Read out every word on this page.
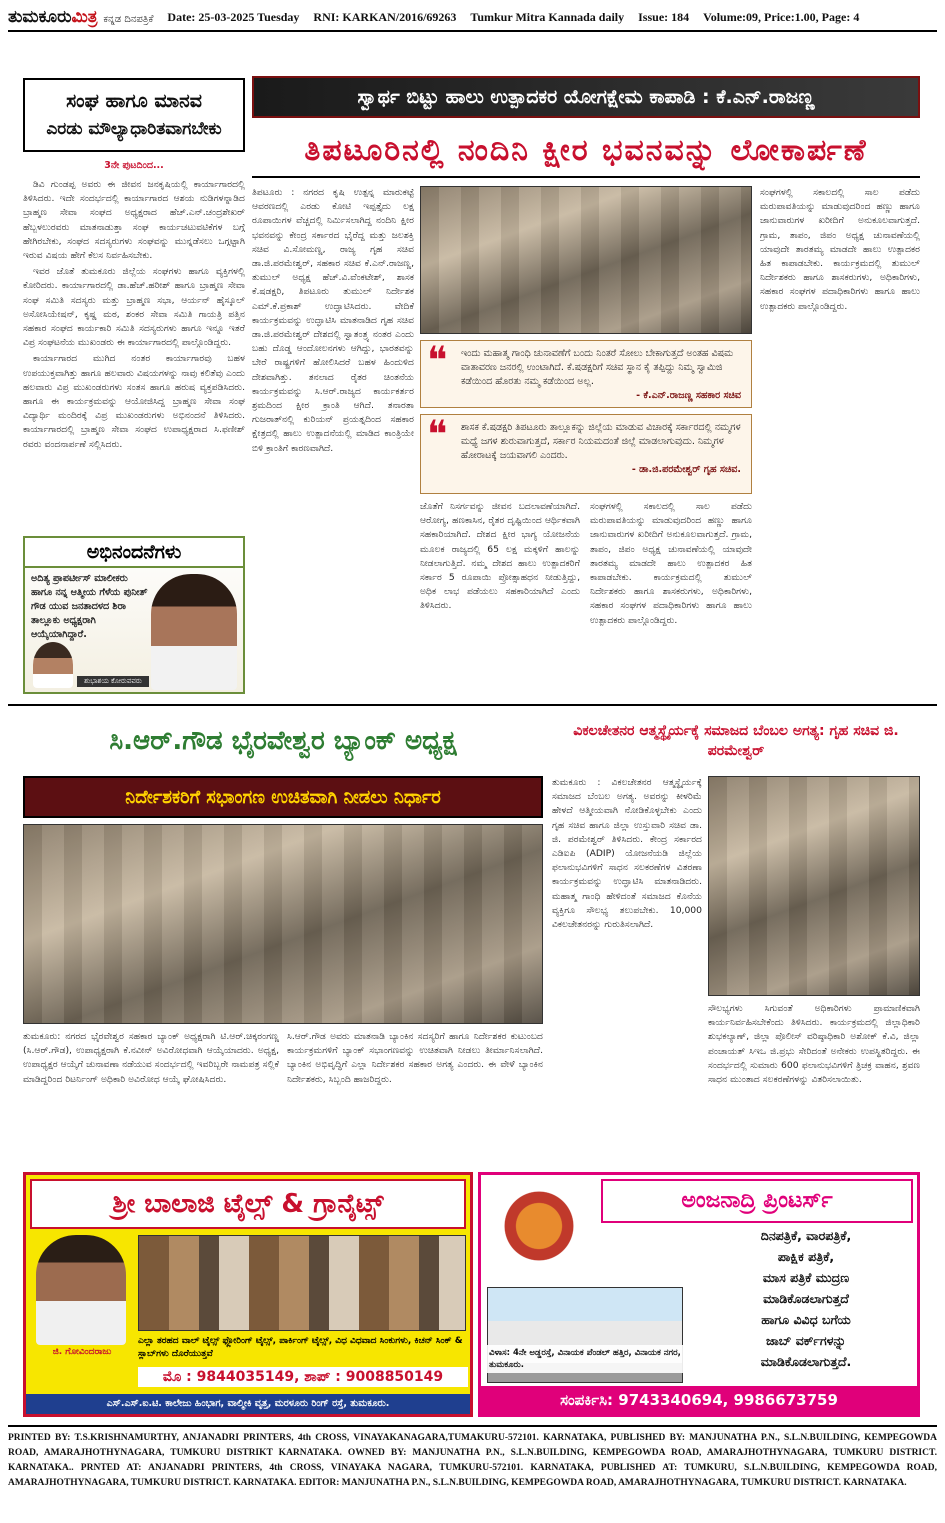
ತುಮಕೂರುಮಿತ್ರ ಕನ್ನಡ ದಿನಪತ್ರಿಕೆ Date: 25-03-2025 Tuesday RNI: KARKAN/2016/69263 Tumkur Mitra Kannada daily Issue: 184 Volume:09, Price:1.00, Page: 4
ಸಂಘ ಹಾಗೂ ಮಾನವ
ಎರಡು ಮೌಲ್ಯಾಧಾರಿತವಾಗಬೇಕು
3ನೇ ಪುಟದಿಂದ...

ಡಿವಿ ಗುಂಡಪ್ಪ ಅವರು ಈ ಜೀವನ ಜನಕೃಷಿಯಲ್ಲಿ ಕಾರ್ಯಾಗಾರದಲ್ಲಿ ತಿಳಿಸಿದರು. ಇದೇ ಸಂದರ್ಭದಲ್ಲಿ ಕಾರ್ಯಾಗಾರದ ಆಶಯ ನುಡಿಗಳನ್ನಾಡಿದ ಬ್ರಾಹ್ಮಣ ಸೇವಾ ಸಂಘದ ಅಧ್ಯಕ್ಷರಾದ ಹೆಚ್.ಎನ್.ಚಂದ್ರಶೇಖರ್ ಹೆಬ್ಬಳಲುರವರು ಮಾತನಾಡುತ್ತಾ ಸಂಘ ಕಾರ್ಯಚಟುವಟಿಕೆಗಳ ಬಗ್ಗೆ ಹೇಗಿರಬೇಕು, ಸಂಘದ ಸದಸ್ಯರುಗಳು ಸಂಘವನ್ನು ಮುನ್ನಡೆಸಲು ಒಗ್ಗಟ್ಟಾಗಿ ಇರುವ ವಿಷಯ ಹೇಗೆ ಕೆಲಸ ನಿರ್ವಹಿಸಬೇಕು.

ಇವರ ಜೊತೆ ತುಮಕೂರು ಜಿಲ್ಲೆಯ ಸಂಘಗಳು ಹಾಗೂ ವ್ಯಕ್ತಿಗಳಲ್ಲಿ ಕೋರಿದರು. ಕಾರ್ಯಾಗಾರದಲ್ಲಿ ಡಾ.ಹೆಚ್.ಹರೀಶ್ ಹಾಗೂ ಬ್ರಾಹ್ಮಣ ಸೇವಾ ಸಂಘ ಸಮಿತಿ ಸದಸ್ಯರು ಮತ್ತು ಬ್ರಾಹ್ಮಣ ಸಭಾ, ಆರ್ಯನ್ ಹೈಸ್ಕೂಲ್ ಅಸೋಸಿಯೇಷನ್, ಕೃಷ್ಣ ಮಠ, ಶಂಕರ ಸೇವಾ ಸಮಿತಿ ಗಾಯತ್ರಿ ಪತ್ತಿನ ಸಹಕಾರ ಸಂಘದ ಕಾರ್ಯಕಾರಿ ಸಮಿತಿ ಸದಸ್ಯರುಗಳು ಹಾಗೂ ಇನ್ನೂ ಇತರೆ ವಿಪ್ರ ಸಂಘಟನೆಯ ಮುಖಂಡರು ಈ ಕಾರ್ಯಾಗಾರದಲ್ಲಿ ಪಾಲ್ಗೊಂಡಿದ್ದರು.

ಕಾರ್ಯಾಗಾರದ ಮುಗಿದ ನಂತರ ಕಾರ್ಯಾಗಾರವು ಬಹಳ ಉಪಯುಕ್ತವಾಗಿತ್ತು ಹಾಗೂ ಹಲವಾರು ವಿಷಯಗಳನ್ನು ನಾವು ಕಲಿತೆವು ಎಂದು ಹಲವಾರು ವಿಪ್ರ ಮುಖಂಡರುಗಳು ಸಂತಸ ಹಾಗೂ ಹರುಷ ವ್ಯಕ್ತಪಡಿಸಿದರು. ಹಾಗೂ ಈ ಕಾರ್ಯಕ್ರಮವನ್ನು ಆಯೋಜಿಸಿದ್ದ ಬ್ರಾಹ್ಮಣ ಸೇವಾ ಸಂಘ ವಿದ್ಯಾರ್ಥಿ ಮಂದಿರಕ್ಕೆ ವಿಪ್ರ ಮುಖಂಡರುಗಳು ಅಭಿನಂದನೆ ತಿಳಿಸಿದರು. ಕಾರ್ಯಾಗಾರದಲ್ಲಿ ಬ್ರಾಹ್ಮಣ ಸೇವಾ ಸಂಘದ ಉಪಾಧ್ಯಕ್ಷರಾದ ಸಿ.ಫಣೀಶ್ ರವರು ವಂದನಾರ್ಪಣೆ ಸಲ್ಲಿಸಿದರು.

ಅಭಿನಂದನೆಗಳು
ಅದಿತ್ಯ ಪ್ರಾಪರ್ಟೀಸ್ ಮಾಲೀಕರು ಹಾಗೂ ನನ್ನ ಆತ್ಮೀಯ ಗೆಳೆಯ ಪುನೀತ್ ಗೌಡ ಯುವ ಜನತಾದಳದ ಶಿರಾ ತಾಲ್ಲೂಕು ಅಧ್ಯಕ್ಷರಾಗಿ ಆಯ್ಕೆಯಾಗಿದ್ದಾರೆ.
ಶುಭಾಶಯ ಕೋರುವವರು
ಸ್ವಾರ್ಥ ಬಿಟ್ಟು ಹಾಲು ಉತ್ಪಾದಕರ ಯೋಗಕ್ಷೇಮ ಕಾಪಾಡಿ : ಕೆ.ಎನ್.ರಾಜಣ್ಣ
ತಿಪಟೂರಿನಲ್ಲಿ ನಂದಿನಿ ಕ್ಷೀರ ಭವನವನ್ನು ಲೋಕಾರ್ಪಣೆ
ತಿಪಟೂರು : ನಗರದ ಕೃಷಿ ಉತ್ಪನ್ನ ಮಾರುಕಟ್ಟೆ ಆವರಣದಲ್ಲಿ ಎರಡು ಕೋಟಿ ಇಪ್ಪತ್ತೈದು ಲಕ್ಷ ರೂಪಾಯಿಗಳ ವೆಚ್ಚದಲ್ಲಿ ನಿರ್ಮಿಸಲಾಗಿದ್ದ ನಂದಿನಿ ಕ್ಷೀರ ಭವನವನ್ನು ಕೇಂದ್ರ ಸರ್ಕಾರದ ಭೈರೆದ್ದ ಮತ್ತು ಜಲಶಕ್ತಿ ಸಚಿವ ವಿ.ಸೋಮಣ್ಣ, ರಾಜ್ಯ ಗೃಹ ಸಚಿವ ಡಾ.ಜಿ.ಪರಮೇಶ್ವರ್, ಸಹಕಾರ ಸಚಿವ ಕೆ.ಎನ್.ರಾಜಣ್ಣ, ತುಮುಲ್ ಅಧ್ಯಕ್ಷ ಹೆಚ್.ವಿ.ವೆಂಕಟೇಶ್, ಶಾಸಕ ಕೆ.ಷಡಕ್ಷರಿ, ತಿಪಟೂರು ತುಮುಲ್ ನಿರ್ದೇಶಕ ಎಮ್.ಕೆ.ಪ್ರಕಾಶ್ ಉದ್ಘಾಟಿಸಿದರು. ವೇದಿಕೆ ಕಾರ್ಯಕ್ರಮವನ್ನು ಉದ್ಘಾಟಿಸಿ ಮಾತನಾಡಿದ ಗೃಹ ಸಚಿವ ಡಾ.ಜಿ.ಪರಮೇಶ್ವರ್ ದೇಶದಲ್ಲಿ ಸ್ವಾತಂತ್ರ್ಯ ನಂತರ ಎಂದು ಬಹು ದೊಡ್ಡ ಆಂದೋಲನಗಳು ಆಗಿದ್ದು, ಭಾರತವನ್ನು ಬೇರೆ ರಾಷ್ಟ್ರಗಳಿಗೆ ಹೋಲಿಸಿದರೆ ಬಹಳ ಹಿಂದುಳಿದ ದೇಶವಾಗಿತ್ತು. ತನಲಾದ ರೈತರ ಚಿಂತನೆಯ ಕಾರ್ಯಕ್ರಮವನ್ನು ಸಿ.ಆರ್.ರಾಜ್ಯದ ಕಾರ್ಯಕರ್ತರ ಶ್ರಮದಿಂದ ಕ್ಷೀರ ಕ್ರಾಂತಿ ಆಗಿದೆ. ತನಾರತಾ ಗುಜರಾತ್‌ನಲ್ಲಿ ಕುರಿಯನ್ ಪ್ರಯತ್ನದಿಂದ ಸಹಕಾರ ಕ್ಷೇತ್ರದಲ್ಲಿ ಹಾಲು ಉತ್ಪಾದನೆಯಲ್ಲಿ ಮಾಡಿದ ಕಾಂತ್ರಿಯೇ ಬಿಳಿ ಕ್ರಾಂತಿಗೆ ಕಾರಣವಾಗಿದೆ.
❝ ಇಂದು ಮಹಾತ್ಮ ಗಾಂಧಿ ಚುನಾವಣೆಗೆ ಬಂದು ನಿಂತರೆ ಸೋಲು ಬೇಕಾಗುತ್ತದೆ ಅಂತಹ ವಿಷಮ ವಾತಾವರಣ ಜನರಲ್ಲಿ ಉಂಟಾಗಿದೆ. ಕೆ.ಷಡಕ್ಷರಿಗೆ ಸಚಿವ ಸ್ಥಾನ ಕೈ ತಪ್ಪಿದ್ದು ನಿಮ್ಮ ಸ್ವಾಮಿಜಿ ಕಡೆಯಿಂದ ಹೊರತು ನಮ್ಮ ಕಡೆಯಿಂದ ಅಲ್ಲ.
- ಕೆ.ಎನ್.ರಾಜಣ್ಣ ಸಹಕಾರ ಸಚಿವ
❝ ಶಾಸಕ ಕೆ.ಷಡಕ್ಷರಿ ತಿಪಟೂರು ತಾಲ್ಲೂಕನ್ನು ಜಿಲ್ಲೆಯ ಮಾಡುವ ವಿಚಾರಕ್ಕೆ ಸರ್ಕಾರದಲ್ಲಿ ನಮ್ಮಗಳ ಮಧ್ಯೆ ಜಗಳ ಶುರುವಾಗುತ್ತದೆ, ಸರ್ಕಾರ ನಿಯಮದಂತೆ ಜಿಲ್ಲೆ ಮಾಡಲಾಗುವುದು. ನಿಮ್ಮಗಳ ಹೋರಾಟಕ್ಕೆ ಜಯವಾಗಲಿ ಎಂದರು.
- ಡಾ.ಜಿ.ಪರಮೇಶ್ವರ್ ಗೃಹ ಸಚಿವ.
ಜೊತೆಗೆ ನಿಸರ್ಗವನ್ನು ಜೀವನ ಬದಲಾವಣೆಯಾಗಿದೆ. ಆರೋಗ್ಯ, ಹಣಕಾಸಿನ, ರೈತರ ದೃಷ್ಟಿಯಿಂದ ಆರ್ಥಿಕವಾಗಿ ಸಹಕಾರಿಯಾಗಿದೆ. ದೇಶದ ಕ್ಷೀರ ಭಾಗ್ಯ ಯೋಜನೆಯ ಮೂಲಕ ರಾಜ್ಯದಲ್ಲಿ 65 ಲಕ್ಷ ಮಕ್ಕಳಿಗೆ ಹಾಲನ್ನು ನೀಡಲಾಗುತ್ತಿದೆ. ನಮ್ಮ ದೇಶದ ಹಾಲು ಉತ್ಪಾದಕರಿಗೆ ಸರ್ಕಾರ 5 ರೂಪಾಯಿ ಪ್ರೋತ್ಸಾಹಧನ ನೀಡುತ್ತಿದ್ದು, ಅಧಿಕ ಲಾಭ ಪಡೆಯಲು ಸಹಕಾರಿಯಾಗಿದೆ ಎಂದು ತಿಳಿಸಿದರು.
ಸಂಘಗಳಲ್ಲಿ ಸಕಾಲದಲ್ಲಿ ಸಾಲ ಪಡೆದು ಮರುಪಾವತಿಯನ್ನು ಮಾಡುವುದರಿಂದ ಹಣ್ಣು ಹಾಗೂ ಜಾನುವಾರುಗಳ ಖರೀದಿಗೆ ಅನುಕೂಲವಾಗುತ್ತದೆ. ಗ್ರಾಮ, ತಾಪಂ, ಜಿಪಂ ಅಧ್ಯಕ್ಷ ಚುನಾವಣೆಯಲ್ಲಿ ಯಾವುದೇ ತಾರತಮ್ಯ ಮಾಡದೇ ಹಾಲು ಉತ್ಪಾದಕರ ಹಿತ ಕಾಪಾಡಬೇಕು. ಕಾರ್ಯಕ್ರಮದಲ್ಲಿ ತುಮುಲ್ ನಿರ್ದೇಶಕರು ಹಾಗೂ ಶಾಸಕರುಗಳು, ಅಧಿಕಾರಿಗಳು, ಸಹಕಾರ ಸಂಘಗಳ ಪದಾಧಿಕಾರಿಗಳು ಹಾಗೂ ಹಾಲು ಉತ್ಪಾದಕರು ಪಾಲ್ಗೊಂಡಿದ್ದರು.
ಸಂಘಗಳಲ್ಲಿ ಸಕಾಲದಲ್ಲಿ ಸಾಲ ಪಡೆದು ಮರುಪಾವತಿಯನ್ನು ಮಾಡುವುದರಿಂದ ಹಣ್ಣು ಹಾಗೂ ಜಾನುವಾರುಗಳ ಖರೀದಿಗೆ ಅನುಕೂಲವಾಗುತ್ತದೆ. ಗ್ರಾಮ, ತಾಪಂ, ಜಿಪಂ ಅಧ್ಯಕ್ಷ ಚುನಾವಣೆಯಲ್ಲಿ ಯಾವುದೇ ತಾರತಮ್ಯ ಮಾಡದೇ ಹಾಲು ಉತ್ಪಾದಕರ ಹಿತ ಕಾಪಾಡಬೇಕು. ಕಾರ್ಯಕ್ರಮದಲ್ಲಿ ತುಮುಲ್ ನಿರ್ದೇಶಕರು ಹಾಗೂ ಶಾಸಕರುಗಳು, ಅಧಿಕಾರಿಗಳು, ಸಹಕಾರ ಸಂಘಗಳ ಪದಾಧಿಕಾರಿಗಳು ಹಾಗೂ ಹಾಲು ಉತ್ಪಾದಕರು ಪಾಲ್ಗೊಂಡಿದ್ದರು.
ಸಿ.ಆರ್.ಗೌಡ ಭೈರವೇಶ್ವರ ಬ್ಯಾಂಕ್ ಅಧ್ಯಕ್ಷ
ನಿರ್ದೇಶಕರಿಗೆ ಸಭಾಂಗಣ ಉಚಿತವಾಗಿ ನೀಡಲು ನಿರ್ಧಾರ
ತುಮಕೂರು: ನಗರದ ಭೈರವೇಶ್ವರ ಸಹಕಾರ ಬ್ಯಾಂಕ್ ಅಧ್ಯಕ್ಷರಾಗಿ ಟಿ.ಆರ್.ಚಿಕ್ಕರಂಗಣ್ಣ (ಸಿ.ಆರ್.ಗೌಡ), ಉಪಾಧ್ಯಕ್ಷರಾಗಿ ಕೆ.ನವೀನ್ ಅವಿರೋಧವಾಗಿ ಆಯ್ಕೆಯಾದರು. ಅಧ್ಯಕ್ಷ, ಉಪಾಧ್ಯಕ್ಷರ ಆಯ್ಕೆಗೆ ಚುನಾವಣಾ ನಡೆಯುವ ಸಂದರ್ಭದಲ್ಲಿ ಇವರಿಬ್ಬರೇ ನಾಮಪತ್ರ ಸಲ್ಲಿಕೆ ಮಾಡಿದ್ದರಿಂದ ರಿಟರ್ನಿಂಗ್ ಅಧಿಕಾರಿ ಅವಿರೋಧ ಆಯ್ಕೆ ಘೋಷಿಸಿದರು.
ಸಿ.ಆರ್.ಗೌಡ ಅವರು ಮಾತನಾಡಿ ಬ್ಯಾಂಕಿನ ಸದಸ್ಯರಿಗೆ ಹಾಗೂ ನಿರ್ದೇಶಕರ ಕುಟುಂಬದ ಕಾರ್ಯಕ್ರಮಗಳಿಗೆ ಬ್ಯಾಂಕ್ ಸಭಾಂಗಣವನ್ನು ಉಚಿತವಾಗಿ ನೀಡಲು ತೀರ್ಮಾನಿಸಲಾಗಿದೆ. ಬ್ಯಾಂಕಿನ ಅಭಿವೃದ್ಧಿಗೆ ಎಲ್ಲಾ ನಿರ್ದೇಶಕರ ಸಹಕಾರ ಅಗತ್ಯ ಎಂದರು. ಈ ವೇಳೆ ಬ್ಯಾಂಕಿನ ನಿರ್ದೇಶಕರು, ಸಿಬ್ಬಂದಿ ಹಾಜರಿದ್ದರು.
ವಿಕಲಚೇತನರ ಆತ್ಮಸ್ಥೈರ್ಯಕ್ಕೆ ಸಮಾಜದ ಬೆಂಬಲ ಅಗತ್ಯ: ಗೃಹ ಸಚಿವ ಜಿ. ಪರಮೇಶ್ವರ್
ತುಮಕೂರು : ವಿಕಲಚೇತನರ ಆತ್ಮಸ್ಥೈರ್ಯಕ್ಕೆ ಸಮಾಜದ ಬೆಂಬಲ ಅಗತ್ಯ. ಅವರನ್ನು ಕೀಳರಿಮೆ ಹೇಳದೆ ಆತ್ಮೀಯವಾಗಿ ನೋಡಿಕೊಳ್ಳಬೇಕು ಎಂದು ಗೃಹ ಸಚಿವ ಹಾಗೂ ಜಿಲ್ಲಾ ಉಸ್ತುವಾರಿ ಸಚಿವ ಡಾ. ಜಿ. ಪರಮೇಶ್ವರ್ ತಿಳಿಸಿದರು. ಕೇಂದ್ರ ಸರ್ಕಾರದ ಎಡಿಐಪಿ (ADIP) ಯೋಜನೆಯಡಿ ಜಿಲ್ಲೆಯ ಫಲಾನುಭವಿಗಳಿಗೆ ಸಾಧನ ಸಲಕರಣೆಗಳ ವಿತರಣಾ ಕಾರ್ಯಕ್ರಮವನ್ನು ಉದ್ಘಾಟಿಸಿ ಮಾತನಾಡಿದರು. ಮಹಾತ್ಮ ಗಾಂಧಿ ಹೇಳಿದಂತೆ ಸಮಾಜದ ಕೊನೆಯ ವ್ಯಕ್ತಿಗೂ ಸೌಲಭ್ಯ ತಲುಪಬೇಕು. 10,000 ವಿಕಲಚೇತನರನ್ನು ಗುರುತಿಸಲಾಗಿದೆ.
ಸೌಲಭ್ಯಗಳು ಸಿಗುವಂತೆ ಅಧಿಕಾರಿಗಳು ಪ್ರಾಮಾಣಿಕವಾಗಿ ಕಾರ್ಯನಿರ್ವಹಿಸಬೇಕೆಂದು ತಿಳಿಸಿದರು. ಕಾರ್ಯಕ್ರಮದಲ್ಲಿ ಜಿಲ್ಲಾಧಿಕಾರಿ ಶುಭಕಲ್ಯಾಣ್, ಜಿಲ್ಲಾ ಪೊಲೀಸ್ ವರಿಷ್ಠಾಧಿಕಾರಿ ಅಶೋಕ್ ಕೆ.ವಿ, ಜಿಲ್ಲಾ ಪಂಚಾಯತ್ ಸಿಇಒ ಜಿ.ಪ್ರಭು ಸೇರಿದಂತೆ ಅನೇಕರು ಉಪಸ್ಥಿತರಿದ್ದರು. ಈ ಸಂದರ್ಭದಲ್ಲಿ ಸುಮಾರು 600 ಫಲಾನುಭವಿಗಳಿಗೆ ತ್ರಿಚಕ್ರ ವಾಹನ, ಶ್ರವಣ ಸಾಧನ ಮುಂತಾದ ಸಲಕರಣೆಗಳನ್ನು ವಿತರಿಸಲಾಯಿತು.
ಶ್ರೀ ಬಾಲಾಜಿ ಟೈಲ್ಸ್ & ಗ್ರಾನೈಟ್ಸ್
ಜಿ. ಗೋವಿಂದರಾಜು
ಎಲ್ಲಾ ತರಹದ ವಾಲ್ ಟೈಲ್ಸ್ ಫ್ಲೋರಿಂಗ್ ಟೈಲ್ಸ್, ಪಾರ್ಕಿಂಗ್ ಟೈಲ್ಸ್, ವಿಧ ವಿಧವಾದ ಸಿಂಕುಗಳು, ಕಿಚನ್ ಸಿಂಕ್ & ಸ್ಲಾಬ್‌ಗಳು ದೊರೆಯುತ್ತವೆ
ಮೊ : 9844035149, ಶಾಪ್ : 9008850149
ಎಸ್.ಎಸ್.ಐ.ಟಿ. ಕಾಲೇಜು ಹಿಂಭಾಗ, ವಾಲ್ಮೀಕಿ ವೃತ್ತ, ಮರಳೂರು ರಿಂಗ್ ರಸ್ತೆ, ತುಮಕೂರು.
ಅಂಜನಾದ್ರಿ ಪ್ರಿಂಟರ್ಸ್
ವಿಳಾಸ: 4ನೇ ಅಡ್ಡರಸ್ತೆ, ವಿನಾಯಕ ಪೆಂಡಲ್ ಹತ್ತಿರ, ವಿನಾಯಕ ನಗರ, ತುಮಕೂರು.
ದಿನಪತ್ರಿಕೆ, ವಾರಪತ್ರಿಕೆ,
ಪಾಕ್ಷಿಕ ಪತ್ರಿಕೆ,
ಮಾಸ ಪತ್ರಿಕೆ ಮುದ್ರಣ
ಮಾಡಿಕೊಡಲಾಗುತ್ತದೆ
ಹಾಗೂ ವಿವಿಧ ಬಗೆಯ
ಜಾಬ್ ವರ್ಕ್‌ಗಳನ್ನು
ಮಾಡಿಕೊಡಲಾಗುತ್ತದೆ.
ಸಂಪರ್ಕಿಸಿ: 9743340694, 9986673759
PRINTED BY: T.S.KRISHNAMURTHY, ANJANADRI PRINTERS, 4th CROSS, VINAYAKANAGARA,TUMAKURU-572101. KARNATAKA, PUBLISHED BY: MANJUNATHA P.N., S.L.N.BUILDING, KEMPEGOWDA ROAD, AMARAJHOTHYNAGARA, TUMKURU DISTRIKT KARNATAKA. OWNED BY: MANJUNATHA P.N., S.L.N.BUILDING, KEMPEGOWDA ROAD, AMARAJHOTHYNAGARA, TUMKURU DISTRICT. KARNATAKA.. PRNTED AT: ANJANADRI PRINTERS, 4th CROSS, VINAYAKA NAGARA, TUMKURU-572101. KARNATAKA, PUBLISHED AT: TUMKURU, S.L.N.BUILDING, KEMPEGOWDA ROAD, AMARAJHOTHYNAGARA, TUMKURU DISTRICT. KARNATAKA. EDITOR: MANJUNATHA P.N., S.L.N.BUILDING, KEMPEGOWDA ROAD, AMARAJHOTHYNAGARA, TUMKURU DISTRICT. KARNATAKA.
